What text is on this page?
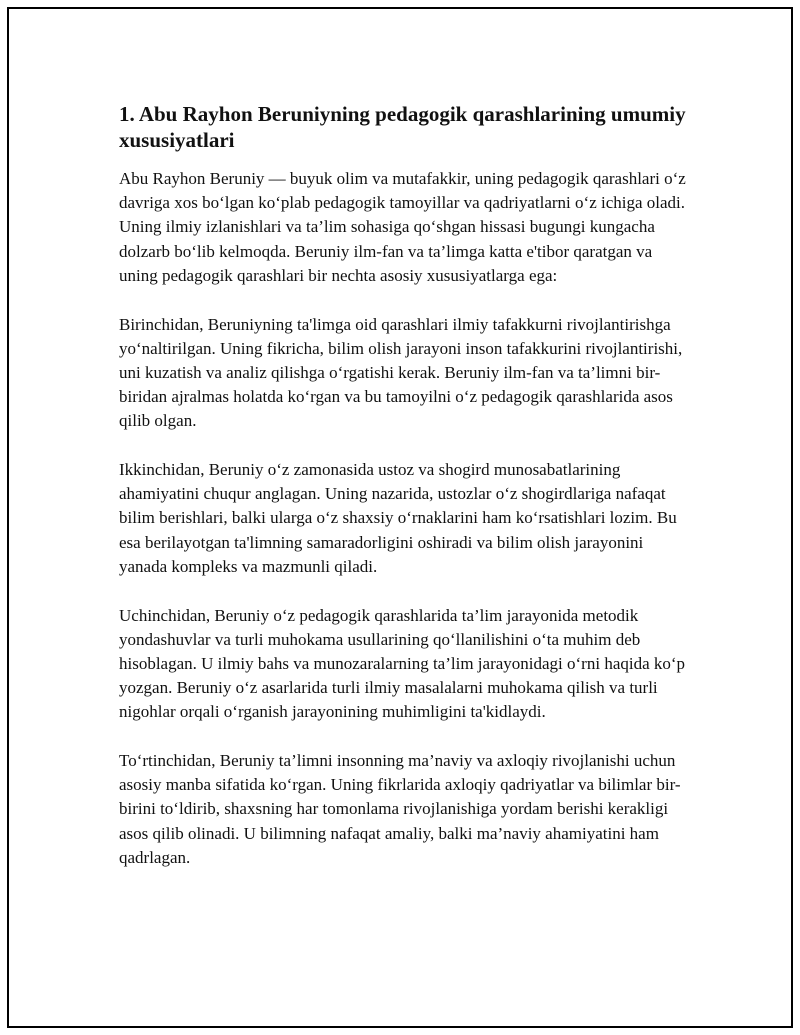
1. Abu Rayhon Beruniyning pedagogik qarashlarining umumiy xususiyatlari

Abu Rayhon Beruniy — buyuk olim va mutafakkir, uning pedagogik qarashlari o‘z davriga xos bo‘lgan ko‘plab pedagogik tamoyillar va qadriyatlarni o‘z ichiga oladi. Uning ilmiy izlanishlari va ta’lim sohasiga qo‘shgan hissasi bugungi kungacha dolzarb bo‘lib kelmoqda. Beruniy ilm-fan va ta’limga katta e'tibor qaratgan va uning pedagogik qarashlari bir nechta asosiy xususiyatlarga ega:

Birinchidan, Beruniyning ta'limga oid qarashlari ilmiy tafakkurni rivojlantirishga yo‘naltirilgan. Uning fikricha, bilim olish jarayoni inson tafakkurini rivojlantirishi, uni kuzatish va analiz qilishga o‘rgatishi kerak. Beruniy ilm-fan va ta’limni bir-biridan ajralmas holatda ko‘rgan va bu tamoyilni o‘z pedagogik qarashlarida asos qilib olgan.

Ikkinchidan, Beruniy o‘z zamonasida ustoz va shogird munosabatlarining ahamiyatini chuqur anglagan. Uning nazarida, ustozlar o‘z shogirdlariga nafaqat bilim berishlari, balki ularga o‘z shaxsiy o‘rnaklarini ham ko‘rsatishlari lozim. Bu esa berilayotgan ta'limning samaradorligini oshiradi va bilim olish jarayonini yanada kompleks va mazmunli qiladi.

Uchinchidan, Beruniy o‘z pedagogik qarashlarida ta’lim jarayonida metodik yondashuvlar va turli muhokama usullarining qo‘llanilishini o‘ta muhim deb hisoblagan. U ilmiy bahs va munozaralarning ta’lim jarayonidagi o‘rni haqida ko‘p yozgan. Beruniy o‘z asarlarida turli ilmiy masalalarni muhokama qilish va turli nigohlar orqali o‘rganish jarayonining muhimligini ta'kidlaydi.

To‘rtinchidan, Beruniy ta’limni insonning ma’naviy va axloqiy rivojlanishi uchun asosiy manba sifatida ko‘rgan. Uning fikrlarida axloqiy qadriyatlar va bilimlar bir-birini to‘ldirib, shaxsning har tomonlama rivojlanishiga yordam berishi kerakligi asos qilib olinadi. U bilimning nafaqat amaliy, balki ma’naviy ahamiyatini ham qadrlagan.
